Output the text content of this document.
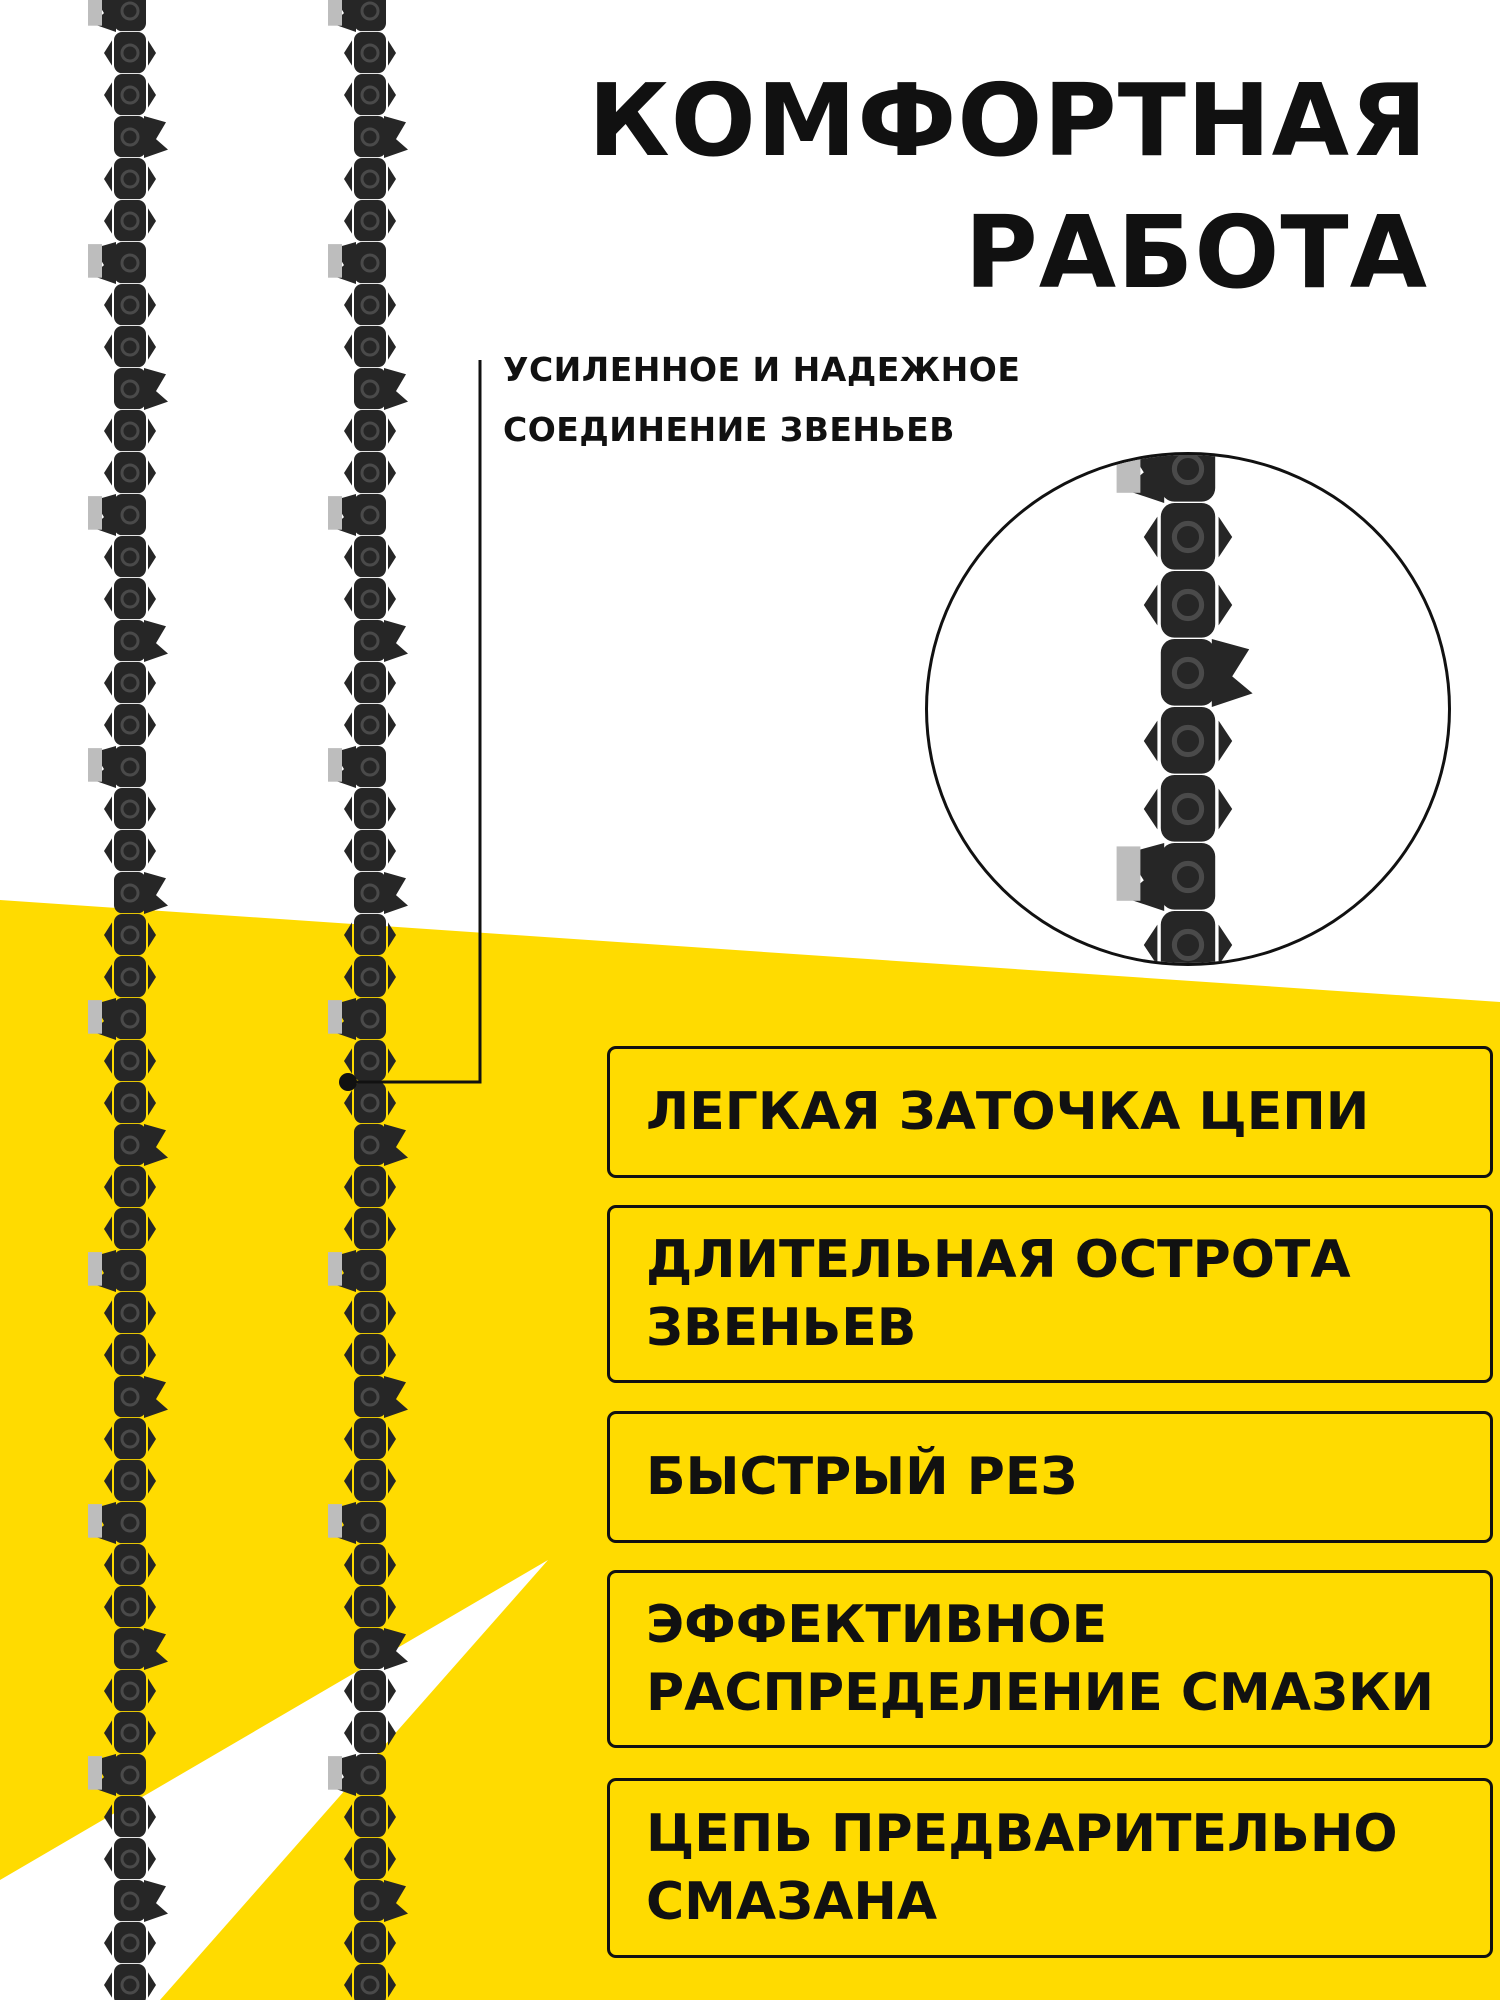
КОМФОРТНАЯ
РАБОТА
УСИЛЕННОЕ И НАДЕЖНОЕ
СОЕДИНЕНИЕ ЗВЕНЬЕВ
ЛЕГКАЯ ЗАТОЧКА ЦЕПИ
ДЛИТЕЛЬНАЯ ОСТРОТА
ЗВЕНЬЕВ
БЫСТРЫЙ РЕЗ
ЭФФЕКТИВНОЕ
РАСПРЕДЕЛЕНИЕ СМАЗКИ
ЦЕПЬ ПРЕДВАРИТЕЛЬНО
СМАЗАНА
